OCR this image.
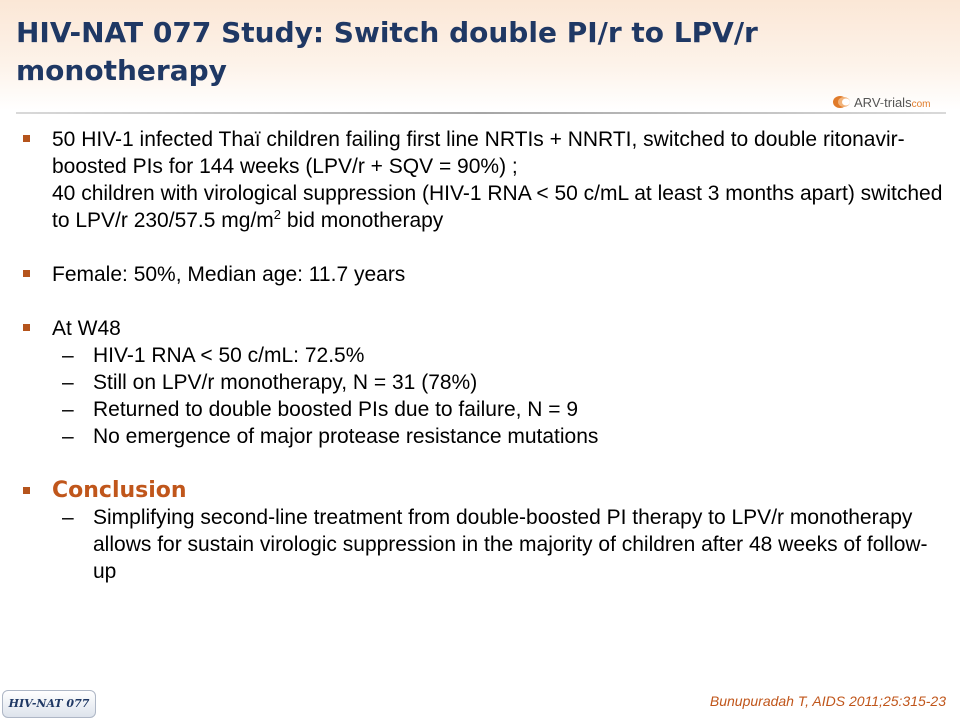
HIV-NAT 077 Study: Switch double PI/r to LPV/r monotherapy
ARV-trialscom
50 HIV-1 infected Thaï children failing first line NRTIs + NNRTI, switched to double ritonavir-boosted PIs for 144 weeks (LPV/r + SQV = 90%) ;
40 children with virological suppression (HIV-1 RNA < 50 c/mL at least 3 months apart) switched to LPV/r 230/57.5 $mg/m^2$ bid monotherapy
Female: 50%, Median age: 11.7 years
At W48
– HIV-1 RNA < 50 c/mL: 72.5%
– Still on LPV/r monotherapy, N = 31 (78%)
– Returned to double boosted PIs due to failure, N = 9
– No emergence of major protease resistance mutations
Conclusion
– Simplifying second-line treatment from double-boosted PI therapy to LPV/r monotherapy allows for sustain virologic suppression in the majority of children after 48 weeks of follow-up
HIV-NAT 077	Bunupuradah T, AIDS 2011;25:315-23
